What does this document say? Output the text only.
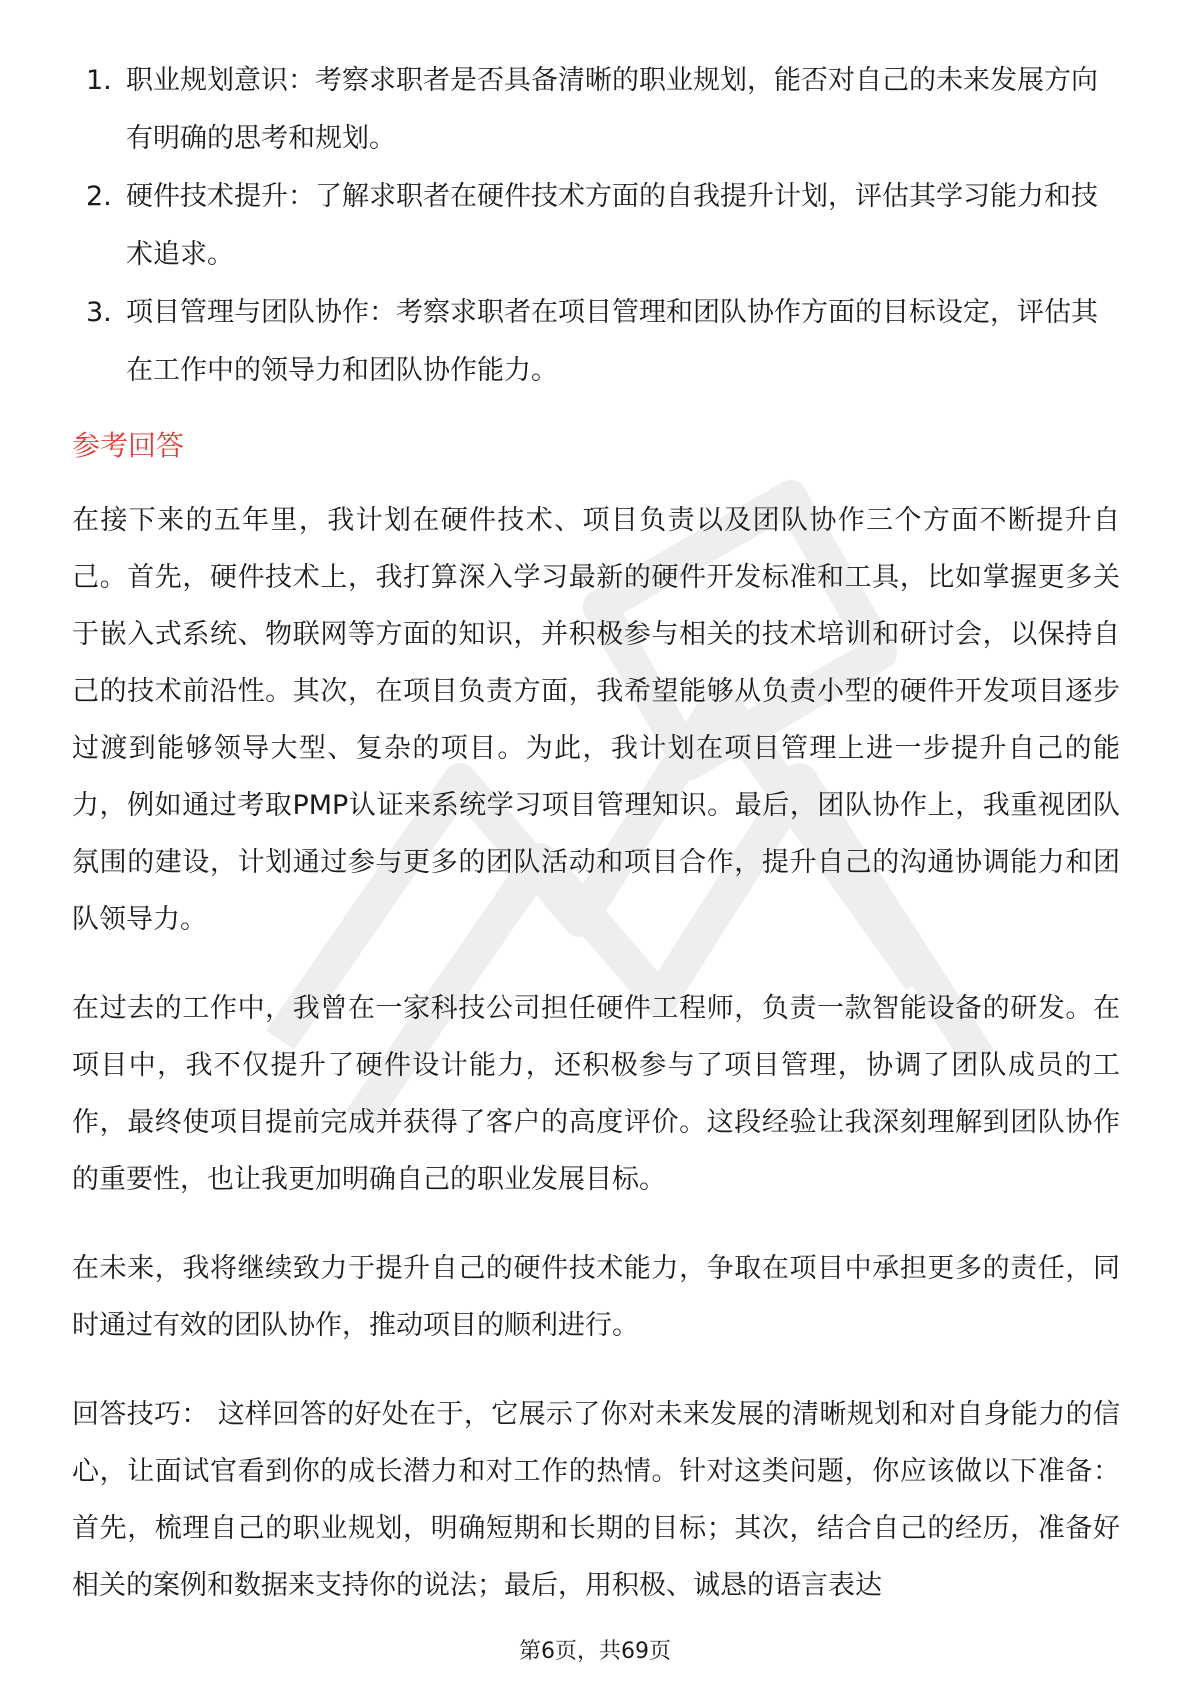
1. 职业规划意识：考察求职者是否具备清晰的职业规划，能否对自己的未来发展方向有明确的思考和规划。
2. 硬件技术提升：了解求职者在硬件技术方面的自我提升计划，评估其学习能力和技术追求。
3. 项目管理与团队协作：考察求职者在项目管理和团队协作方面的目标设定，评估其在工作中的领导力和团队协作能力。
参考回答

在接下来的五年里，我计划在硬件技术、项目负责以及团队协作三个方面不断提升自己。首先，硬件技术上，我打算深入学习最新的硬件开发标准和工具，比如掌握更多关于嵌入式系统、物联网等方面的知识，并积极参与相关的技术培训和研讨会，以保持自己的技术前沿性。其次，在项目负责方面，我希望能够从负责小型的硬件开发项目逐步过渡到能够领导大型、复杂的项目。为此，我计划在项目管理上进一步提升自己的能力，例如通过考取PMP认证来系统学习项目管理知识。最后，团队协作上，我重视团队氛围的建设，计划通过参与更多的团队活动和项目合作，提升自己的沟通协调能力和团队领导力。

在过去的工作中，我曾在一家科技公司担任硬件工程师，负责一款智能设备的研发。在项目中，我不仅提升了硬件设计能力，还积极参与了项目管理，协调了团队成员的工作，最终使项目提前完成并获得了客户的高度评价。这段经验让我深刻理解到团队协作的重要性，也让我更加明确自己的职业发展目标。

在未来，我将继续致力于提升自己的硬件技术能力，争取在项目中承担更多的责任，同时通过有效的团队协作，推动项目的顺利进行。

回答技巧： 这样回答的好处在于，它展示了你对未来发展的清晰规划和对自身能力的信心，让面试官看到你的成长潜力和对工作的热情。针对这类问题，你应该做以下准备：首先，梳理自己的职业规划，明确短期和长期的目标；其次，结合自己的经历，准备好相关的案例和数据来支持你的说法；最后，用积极、诚恳的语言表达

第6页，共69页
